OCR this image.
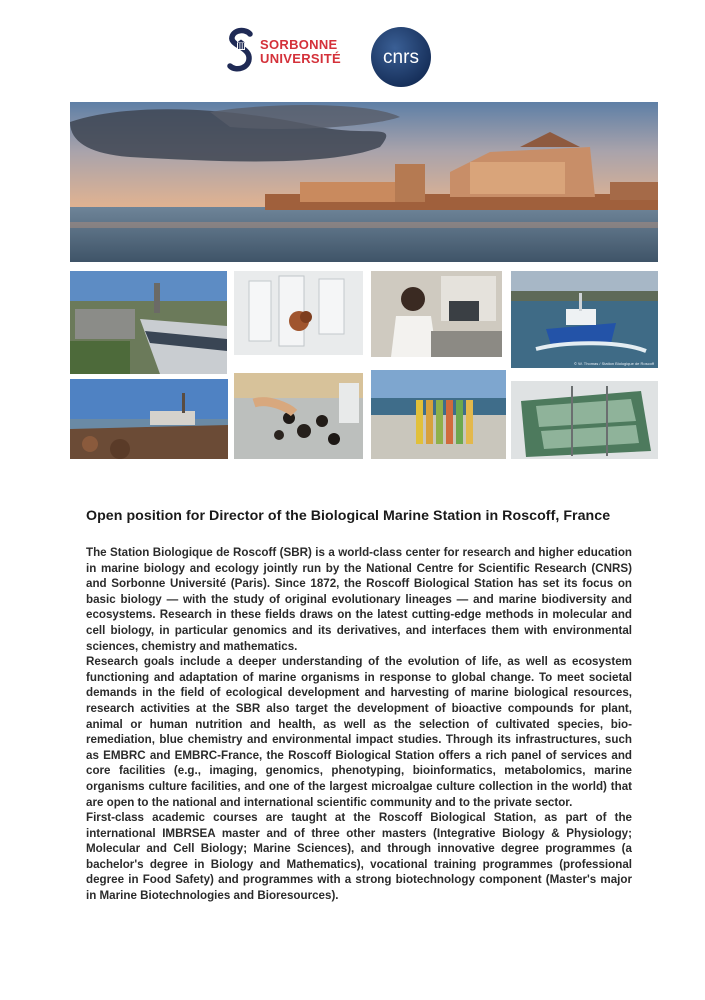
SORBONNE
UNIVERSITÉ cnrs
© W. Thomas / Station Biologique de Roscoff
Open position for Director of the Biological Marine Station in Roscoff, France

The Station Biologique de Roscoff (SBR) is a world-class center for research and higher education in marine biology and ecology jointly run by the National Centre for Scientific Research (CNRS) and Sorbonne Université (Paris). Since 1872, the Roscoff Biological Station has set its focus on basic biology — with the study of original evolutionary lineages — and marine biodiversity and ecosystems. Research in these fields draws on the latest cutting-edge methods in molecular and cell biology, in particular genomics and its derivatives, and interfaces them with environmental sciences, chemistry and mathematics.

Research goals include a deeper understanding of the evolution of life, as well as ecosystem functioning and adaptation of marine organisms in response to global change. To meet societal demands in the field of ecological development and harvesting of marine biological resources, research activities at the SBR also target the development of bioactive compounds for plant, animal or human nutrition and health, as well as the selection of cultivated species, bio-remediation, blue chemistry and environmental impact studies. Through its infrastructures, such as EMBRC and EMBRC-France, the Roscoff Biological Station offers a rich panel of services and core facilities (e.g., imaging, genomics, phenotyping, bioinformatics, metabolomics, marine organisms culture facilities, and one of the largest microalgae culture collection in the world) that are open to the national and international scientific community and to the private sector.

First-class academic courses are taught at the Roscoff Biological Station, as part of the international IMBRSEA master and of three other masters (Integrative Biology & Physiology; Molecular and Cell Biology; Marine Sciences), and through innovative degree programmes (a bachelor's degree in Biology and Mathematics), vocational training programmes (professional degree in Food Safety) and programmes with a strong biotechnology component (Master's major in Marine Biotechnologies and Bioresources).
